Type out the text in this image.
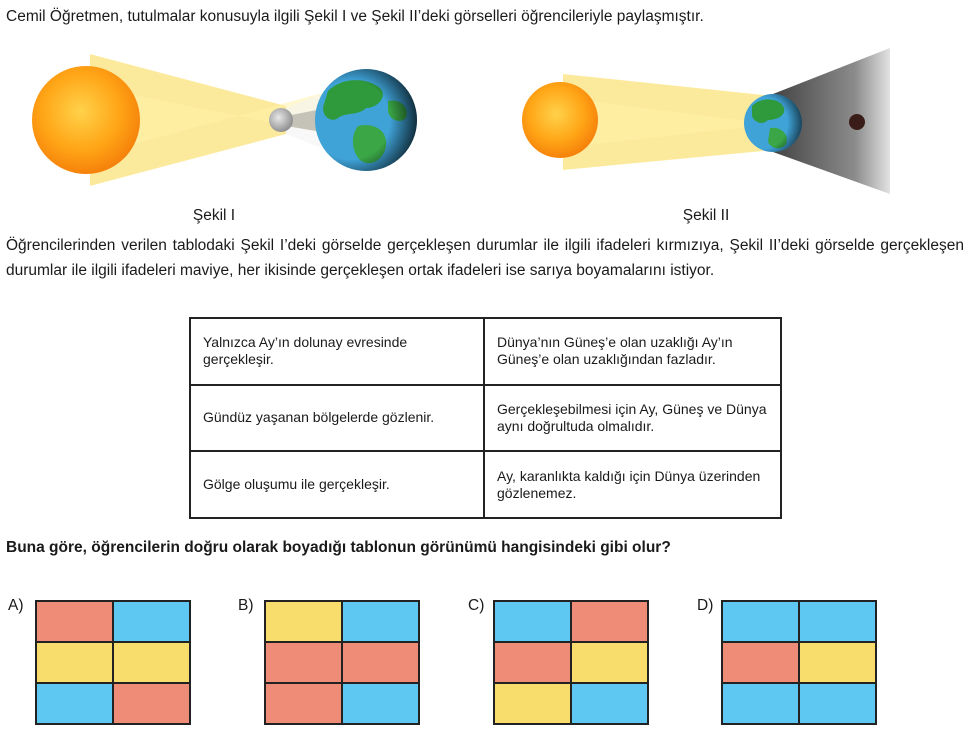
Cemil Öğretmen, tutulmalar konusuyla ilgili Şekil I ve Şekil II’deki görselleri öğrencileriyle paylaşmıştır.

Şekil I	Şekil II

Öğrencilerinden verilen tablodaki Şekil I’deki görselde gerçekleşen durumlar ile ilgili ifadeleri kırmızıya, Şekil II’deki görselde gerçekleşen durumlar ile ilgili ifadeleri maviye, her ikisinde gerçekleşen ortak ifadeleri ise sarıya boyamalarını istiyor.

Yalnızca Ay’ın dolunay evresinde gerçekleşir.	Dünya’nın Güneş’e olan uzaklığı Ay’ın Güneş’e olan uzaklığından fazladır.
Gündüz yaşanan bölgelerde gözlenir.	Gerçekleşebilmesi için Ay, Güneş ve Dünya aynı doğrultuda olmalıdır.
Gölge oluşumu ile gerçekleşir.	Ay, karanlıkta kaldığı için Dünya üzerinden gözlenemez.

Buna göre, öğrencilerin doğru olarak boyadığı tablonun görünümü hangisindeki gibi olur?

A)	B)	C)	D)
